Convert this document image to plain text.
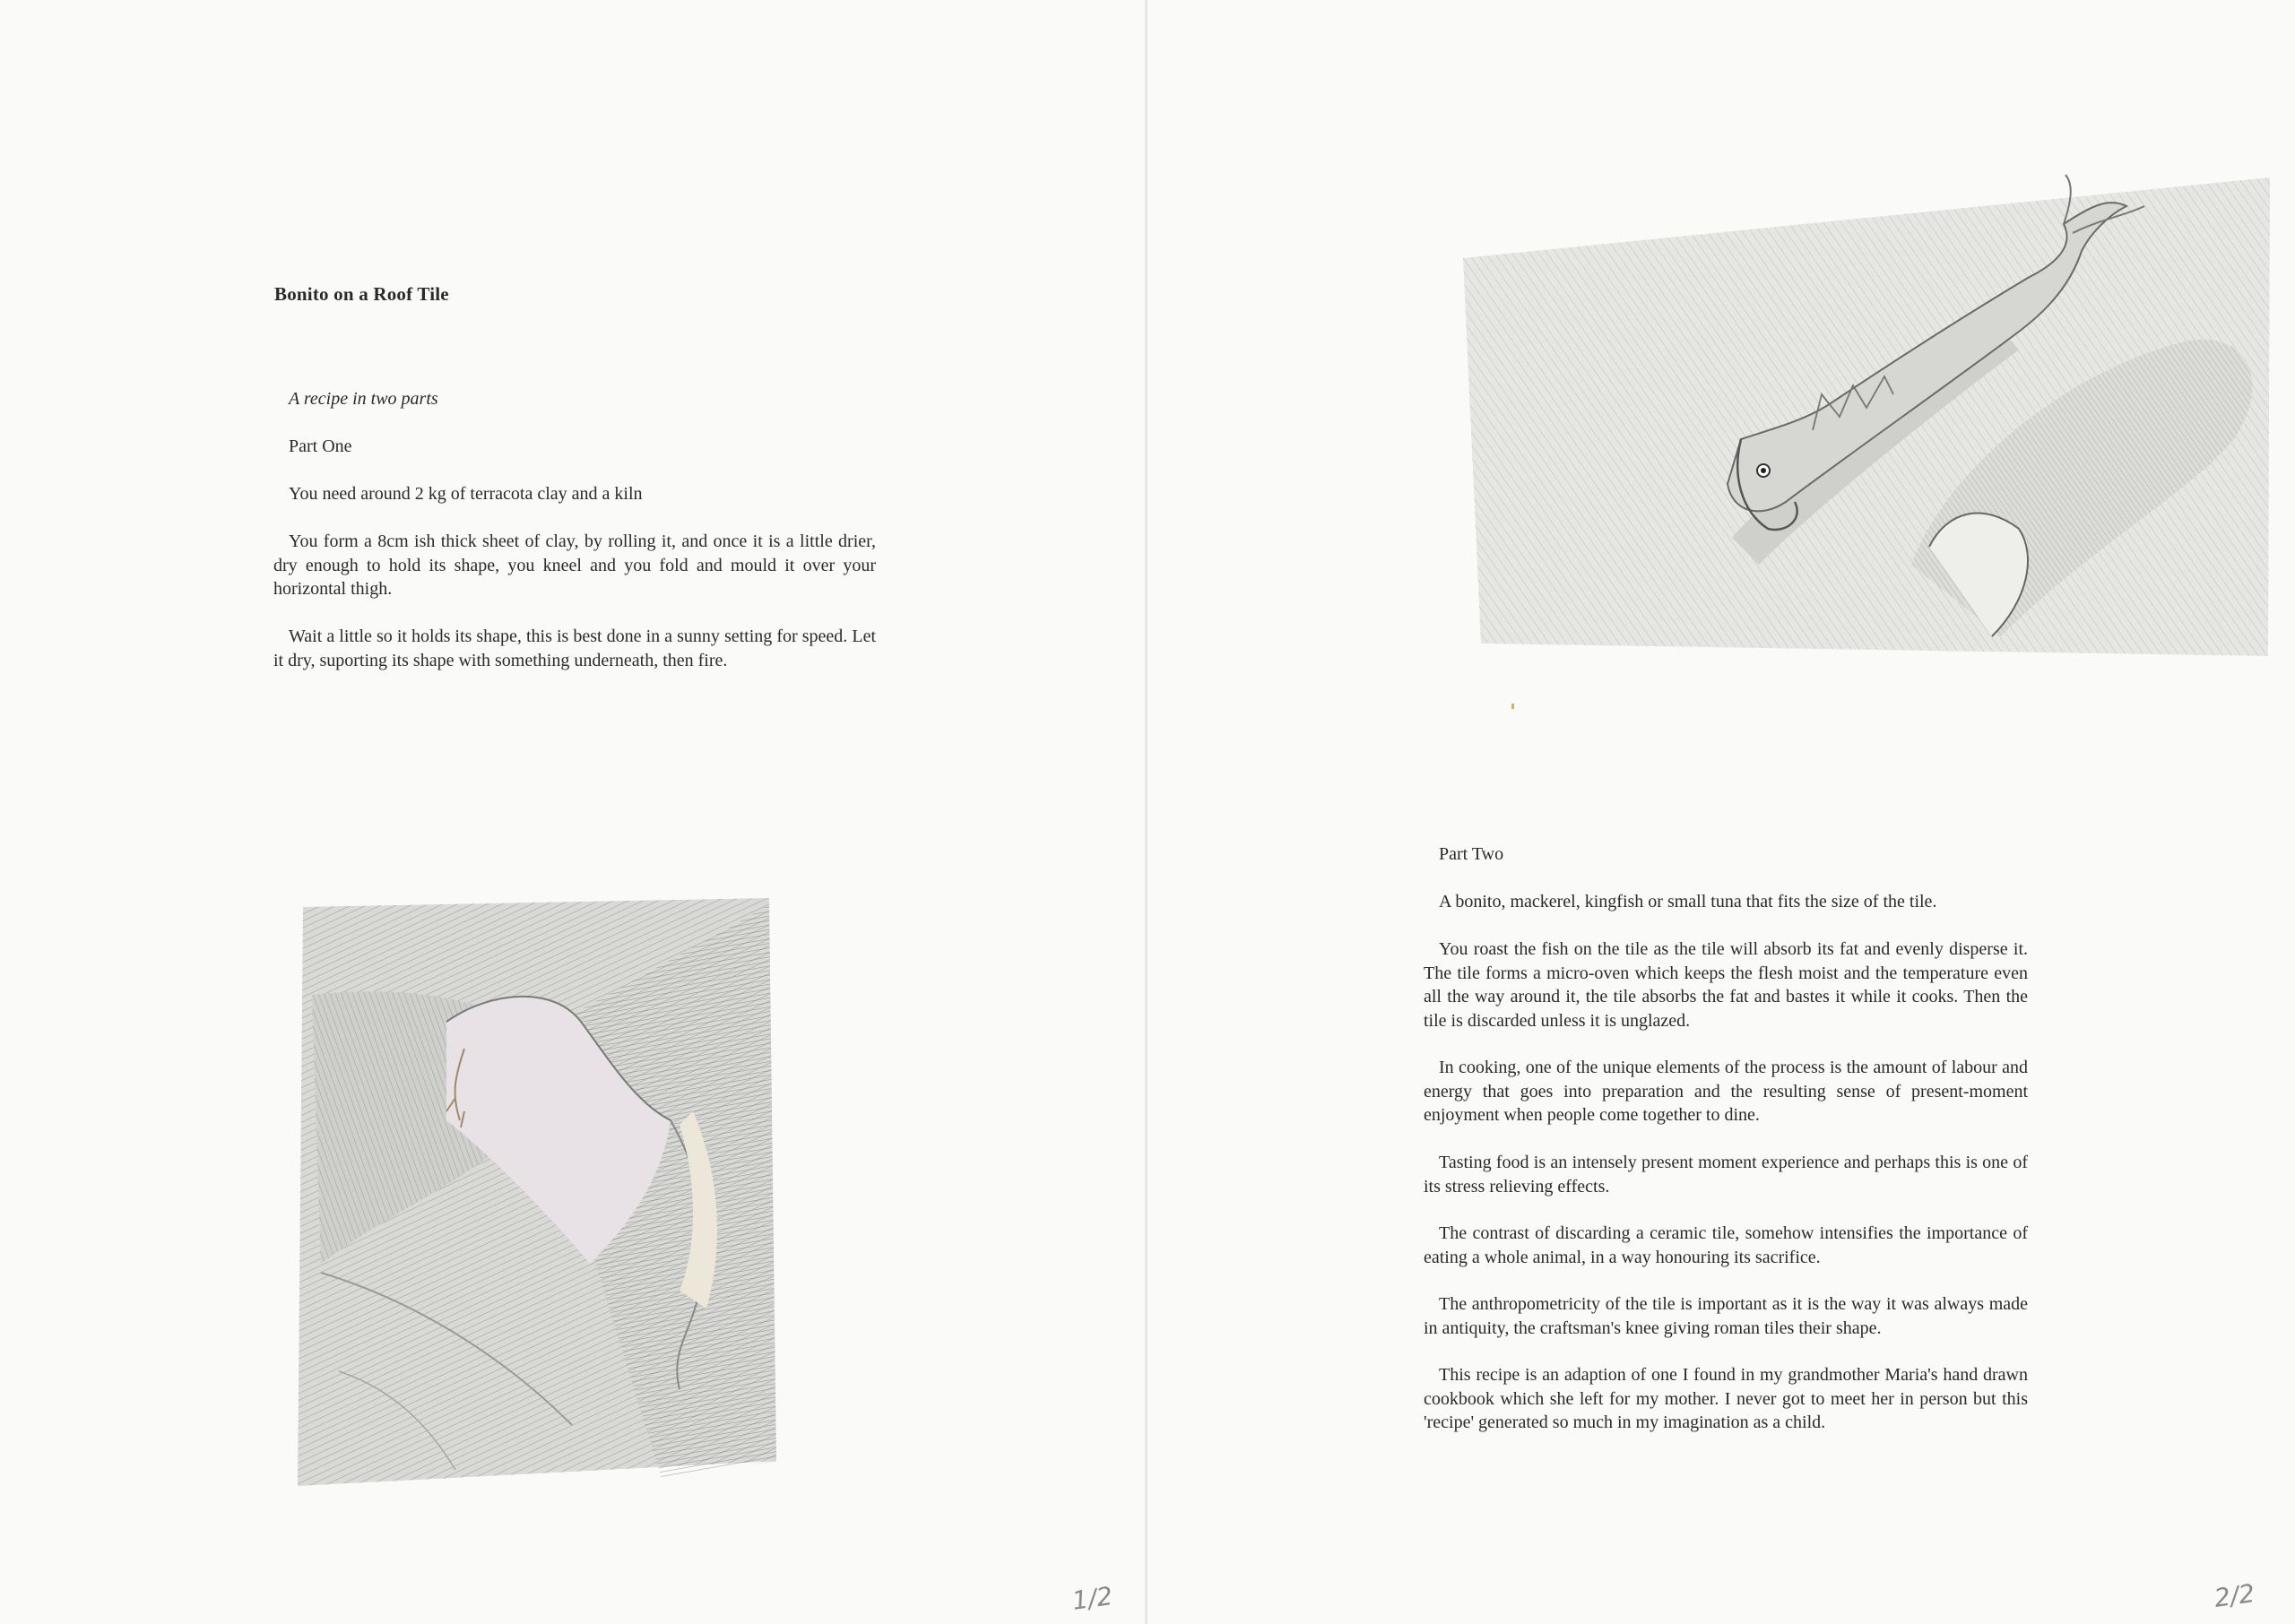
Bonito on a Roof Tile

A recipe in two parts

Part One

You need around 2 kg of terracota clay and a kiln

You form a 8cm ish thick sheet of clay, by rolling it, and once it is a little drier, dry enough to hold its shape, you kneel and you fold and mould it over your horizontal thigh.

Wait a little so it holds its shape, this is best done in a sunny setting for speed. Let it dry, suporting its shape with something underneath, then fire.

1/2

Part Two

A bonito, mackerel, kingfish or small tuna that fits the size of the tile.

You roast the fish on the tile as the tile will absorb its fat and evenly disperse it. The tile forms a micro-oven which keeps the flesh moist and the temperature even all the way around it, the tile absorbs the fat and bastes it while it cooks. Then the tile is discarded unless it is unglazed.

In cooking, one of the unique elements of the process is the amount of labour and energy that goes into preparation and the resulting sense of present-moment enjoyment when people come together to dine.

Tasting food is an intensely present moment experience and perhaps this is one of its stress relieving effects.

The contrast of discarding a ceramic tile, somehow intensifies the importance of eating a whole animal, in a way honouring its sacrifice.

The anthropometricity of the tile is important as it is the way it was always made in antiquity, the craftsman's knee giving roman tiles their shape.

This recipe is an adaption of one I found in my grandmother Maria's hand drawn cookbook which she left for my mother. I never got to meet her in person but this 'recipe' generated so much in my imagination as a child.

2/2
